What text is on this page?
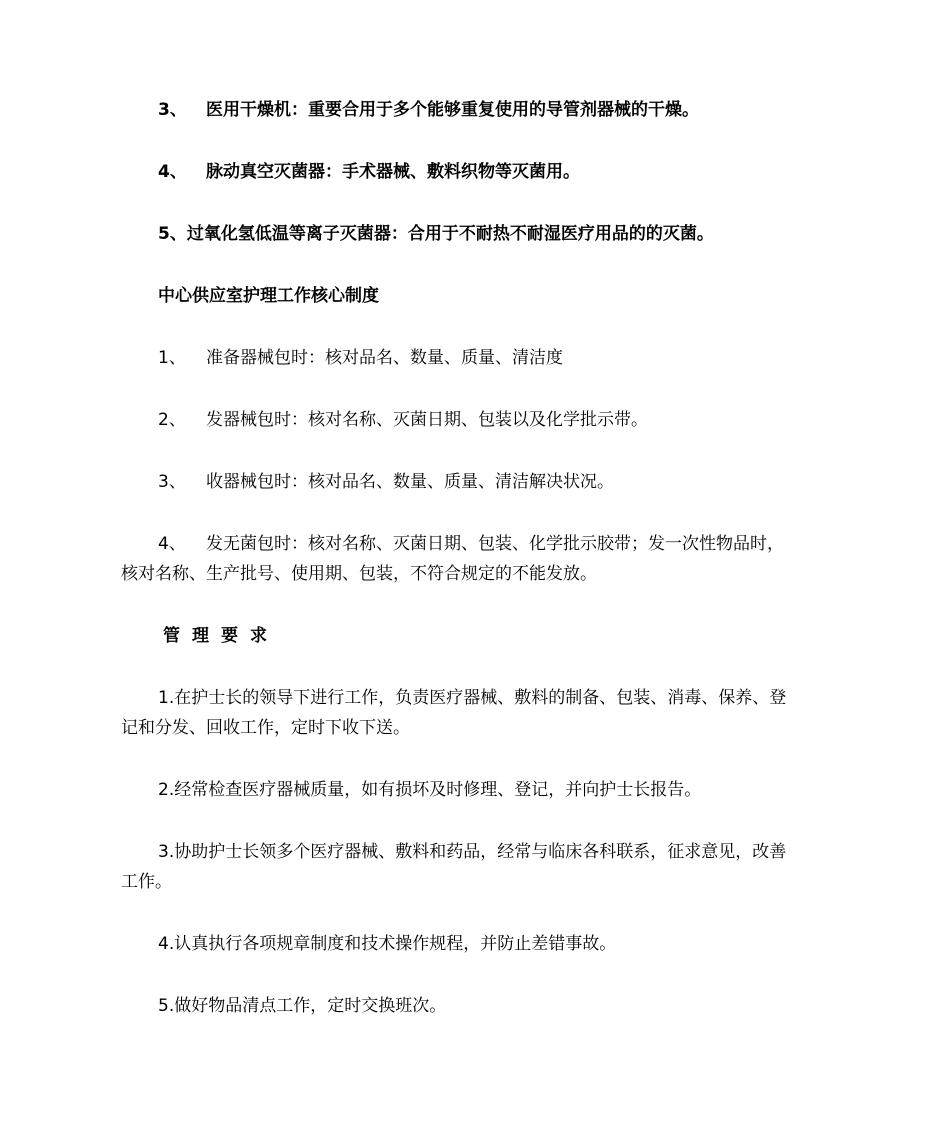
3、 医用干燥机：重要合用于多个能够重复使用的导管剂器械的干燥。

4、 脉动真空灭菌器：手术器械、敷料织物等灭菌用。

5、过氧化氢低温等离子灭菌器：合用于不耐热不耐湿医疗用品的的灭菌。

中心供应室护理工作核心制度

1、 准备器械包时：核对品名、数量、质量、清洁度

2、 发器械包时：核对名称、灭菌日期、包装以及化学批示带。

3、 收器械包时：核对品名、数量、质量、清洁解决状况。

4、 发无菌包时：核对名称、灭菌日期、包装、化学批示胶带；发一次性物品时，

核对名称、生产批号、使用期、包装，不符合规定的不能发放。

管理要求

1.在护士长的领导下进行工作，负责医疗器械、敷料的制备、包装、消毒、保养、登

记和分发、回收工作，定时下收下送。

2.经常检查医疗器械质量，如有损坏及时修理、登记，并向护士长报告。

3.协助护士长领多个医疗器械、敷料和药品，经常与临床各科联系，征求意见，改善

工作。

4.认真执行各项规章制度和技术操作规程，并防止差错事故。

5.做好物品清点工作，定时交换班次。
